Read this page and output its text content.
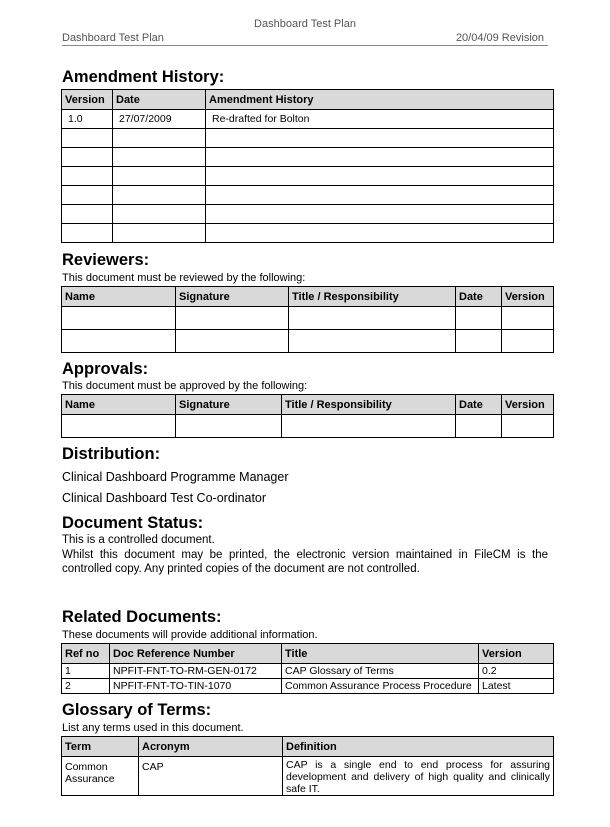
Dashboard Test Plan
Dashboard Test Plan	20/04/09 Revision
Amendment History:
Version	Date	Amendment History
1.0	27/07/2009	Re-drafted for Bolton

Reviewers:
This document must be reviewed by the following:
Name	Signature	Title / Responsibility	Date	Version

Approvals:
This document must be approved by the following:
Name	Signature	Title / Responsibility	Date	Version

Distribution:
Clinical Dashboard Programme Manager
Clinical Dashboard Test Co-ordinator
Document Status:
This is a controlled document.
Whilst this document may be printed, the electronic version maintained in FileCM is the controlled copy. Any printed copies of the document are not controlled.
Related Documents:
These documents will provide additional information.
Ref no	Doc Reference Number	Title	Version
1	NPFIT-FNT-TO-RM-GEN-0172	CAP Glossary of Terms	0.2
2	NPFIT-FNT-TO-TIN-1070	Common Assurance Process Procedure	Latest
Glossary of Terms:
List any terms used in this document.
Term	Acronym	Definition
Common Assurance	CAP	CAP is a single end to end process for assuring development and delivery of high quality and clinically safe IT.
